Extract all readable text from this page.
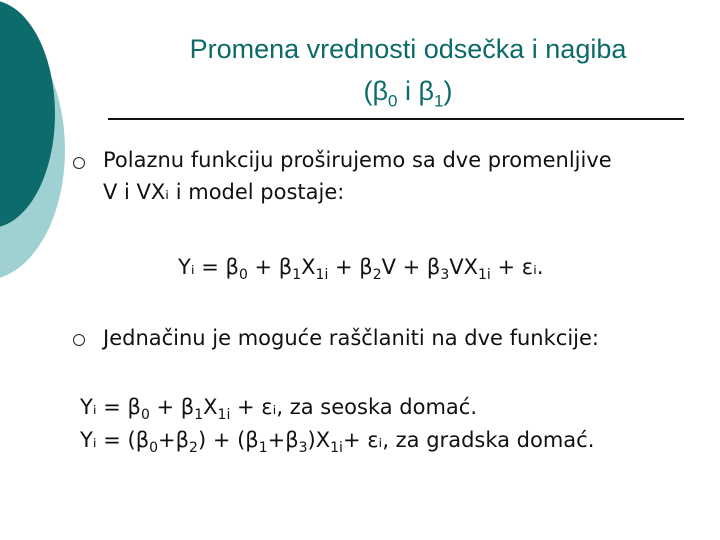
Promena vrednosti odsečka i nagiba
($\beta_0$ i $\beta_1$)
Polaznu funkciju proširujemo sa dve promenljive
V i VXᵢ i model postaje:
Yᵢ = $\beta_0 + \beta_1X_{1i} + \beta_2V + \beta_3VX_{1i}$ + εᵢ.
Jednačinu je moguće raščlaniti na dve funkcije:
Yᵢ = $\beta_0 + \beta_1X_{1i}$ + εᵢ, za seoska domać.
Yᵢ = $(\beta_0+\beta_2) + (\beta_1+\beta_3)X_{1i}+$ εᵢ, za gradska domać.
